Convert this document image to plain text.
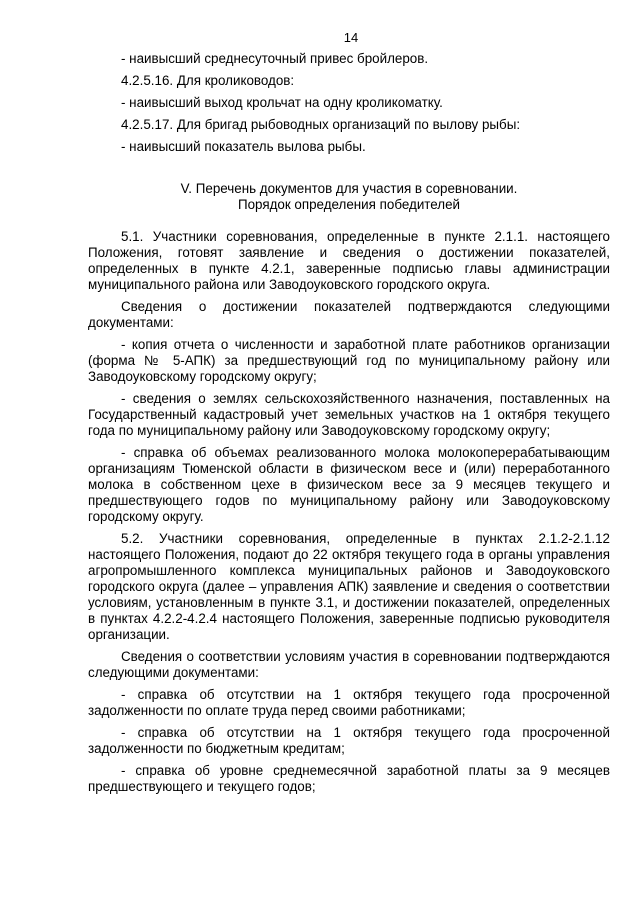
14

- наивысший среднесуточный привес бройлеров.

4.2.5.16. Для кролиководов:

- наивысший выход крольчат на одну кроликоматку.

4.2.5.17. Для бригад рыбоводных организаций по вылову рыбы:

- наивысший показатель вылова рыбы.

V. Перечень документов для участия в соревновании.
Порядок определения победителей

5.1. Участники соревнования, определенные в пункте 2.1.1. настоящего Положения, готовят заявление и сведения о достижении показателей, определенных в пункте 4.2.1, заверенные подписью главы администрации муниципального района или Заводоуковского городского округа.

Сведения о достижении показателей подтверждаются следующими документами:

- копия отчета о численности и заработной плате работников организации (форма № 5-АПК) за предшествующий год по муниципальному району или Заводоуковскому городскому округу;

- сведения о землях сельскохозяйственного назначения, поставленных на Государственный кадастровый учет земельных участков на 1 октября текущего года по муниципальному району или Заводоуковскому городскому округу;

- справка об объемах реализованного молока молокоперерабатывающим организациям Тюменской области в физическом весе и (или) переработанного молока в собственном цехе в физическом весе за 9 месяцев текущего и предшествующего годов по муниципальному району или Заводоуковскому городскому округу.

5.2. Участники соревнования, определенные в пунктах 2.1.2-2.1.12 настоящего Положения, подают до 22 октября текущего года в органы управления агропромышленного комплекса муниципальных районов и Заводоуковского городского округа (далее – управления АПК) заявление и сведения о соответствии условиям, установленным в пункте 3.1, и достижении показателей, определенных в пунктах 4.2.2-4.2.4 настоящего Положения, заверенные подписью руководителя организации.

Сведения о соответствии условиям участия в соревновании подтверждаются следующими документами:

- справка об отсутствии на 1 октября текущего года просроченной задолженности по оплате труда перед своими работниками;

- справка об отсутствии на 1 октября текущего года просроченной задолженности по бюджетным кредитам;

- справка об уровне среднемесячной заработной платы за 9 месяцев предшествующего и текущего годов;
